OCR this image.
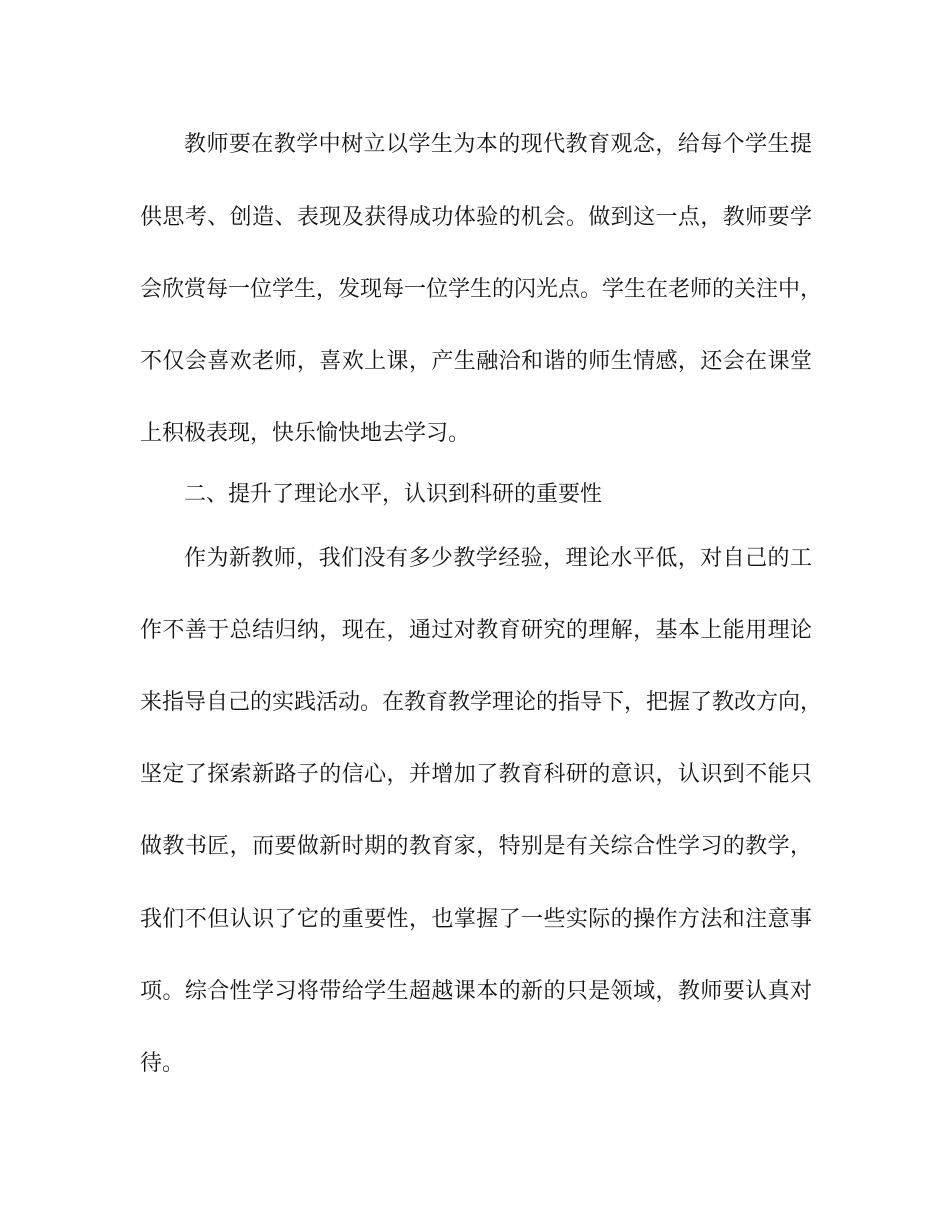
教师要在教学中树立以学生为本的现代教育观念，给每个学生提
供思考、创造、表现及获得成功体验的机会。做到这一点，教师要学
会欣赏每一位学生，发现每一位学生的闪光点。学生在老师的关注中，
不仅会喜欢老师，喜欢上课，产生融洽和谐的师生情感，还会在课堂
上积极表现，快乐愉快地去学习。
二、提升了理论水平，认识到科研的重要性
作为新教师，我们没有多少教学经验，理论水平低，对自己的工
作不善于总结归纳，现在，通过对教育研究的理解，基本上能用理论
来指导自己的实践活动。在教育教学理论的指导下，把握了教改方向，
坚定了探索新路子的信心，并增加了教育科研的意识，认识到不能只
做教书匠，而要做新时期的教育家，特别是有关综合性学习的教学，
我们不但认识了它的重要性，也掌握了一些实际的操作方法和注意事
项。综合性学习将带给学生超越课本的新的只是领域，教师要认真对
待。
